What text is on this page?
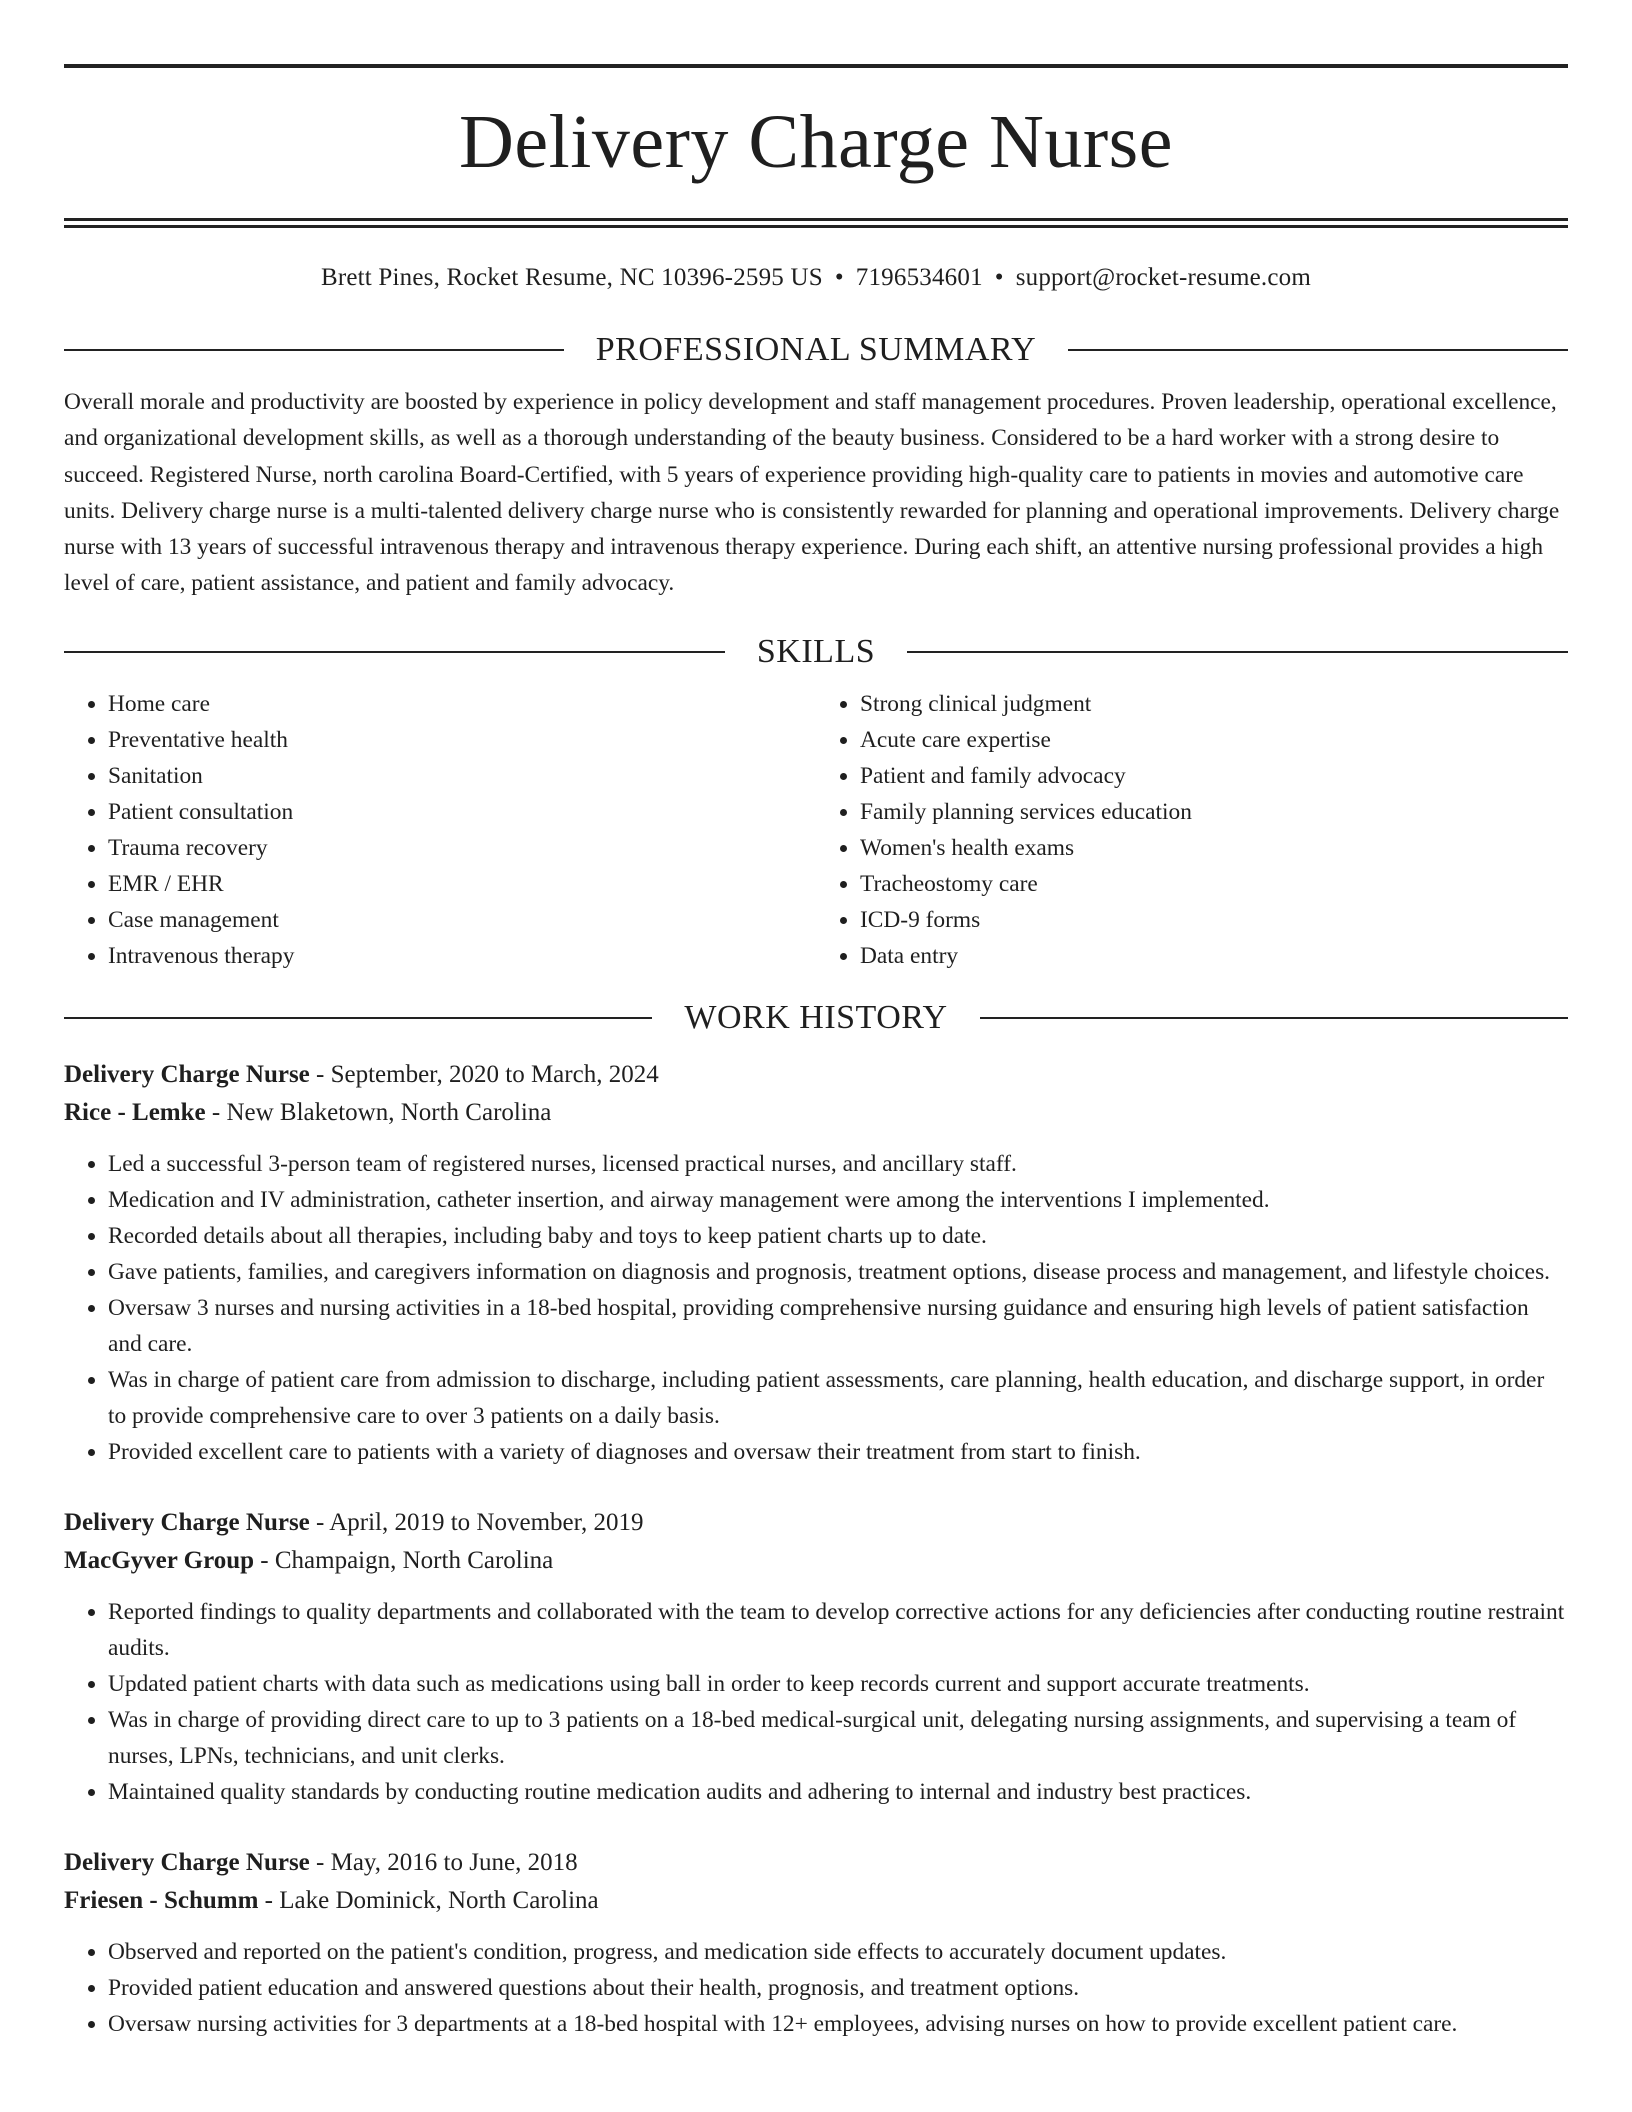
Delivery Charge Nurse
Brett Pines, Rocket Resume, NC 10396-2595 US • 7196534601 • support@rocket-resume.com
PROFESSIONAL SUMMARY

Overall morale and productivity are boosted by experience in policy development and staff management procedures. Proven leadership, operational excellence, and organizational development skills, as well as a thorough understanding of the beauty business. Considered to be a hard worker with a strong desire to succeed. Registered Nurse, north carolina Board-Certified, with 5 years of experience providing high-quality care to patients in movies and automotive care units. Delivery charge nurse is a multi-talented delivery charge nurse who is consistently rewarded for planning and operational improvements. Delivery charge nurse with 13 years of successful intravenous therapy and intravenous therapy experience. During each shift, an attentive nursing professional provides a high level of care, patient assistance, and patient and family advocacy.

SKILLS
• Home care
• Preventative health
• Sanitation
• Patient consultation
• Trauma recovery
• EMR / EHR
• Case management
• Intravenous therapy
• Strong clinical judgment
• Acute care expertise
• Patient and family advocacy
• Family planning services education
• Women's health exams
• Tracheostomy care
• ICD-9 forms
• Data entry
WORK HISTORY
Delivery Charge Nurse - September, 2020 to March, 2024
Rice - Lemke - New Blaketown, North Carolina
• Led a successful 3-person team of registered nurses, licensed practical nurses, and ancillary staff.
• Medication and IV administration, catheter insertion, and airway management were among the interventions I implemented.
• Recorded details about all therapies, including baby and toys to keep patient charts up to date.
• Gave patients, families, and caregivers information on diagnosis and prognosis, treatment options, disease process and management, and lifestyle choices.
• Oversaw 3 nurses and nursing activities in a 18-bed hospital, providing comprehensive nursing guidance and ensuring high levels of patient satisfaction and care.
• Was in charge of patient care from admission to discharge, including patient assessments, care planning, health education, and discharge support, in order to provide comprehensive care to over 3 patients on a daily basis.
• Provided excellent care to patients with a variety of diagnoses and oversaw their treatment from start to finish.
Delivery Charge Nurse - April, 2019 to November, 2019
MacGyver Group - Champaign, North Carolina
• Reported findings to quality departments and collaborated with the team to develop corrective actions for any deficiencies after conducting routine restraint audits.
• Updated patient charts with data such as medications using ball in order to keep records current and support accurate treatments.
• Was in charge of providing direct care to up to 3 patients on a 18-bed medical-surgical unit, delegating nursing assignments, and supervising a team of nurses, LPNs, technicians, and unit clerks.
• Maintained quality standards by conducting routine medication audits and adhering to internal and industry best practices.
Delivery Charge Nurse - May, 2016 to June, 2018
Friesen - Schumm - Lake Dominick, North Carolina
• Observed and reported on the patient's condition, progress, and medication side effects to accurately document updates.
• Provided patient education and answered questions about their health, prognosis, and treatment options.
• Oversaw nursing activities for 3 departments at a 18-bed hospital with 12+ employees, advising nurses on how to provide excellent patient care.
